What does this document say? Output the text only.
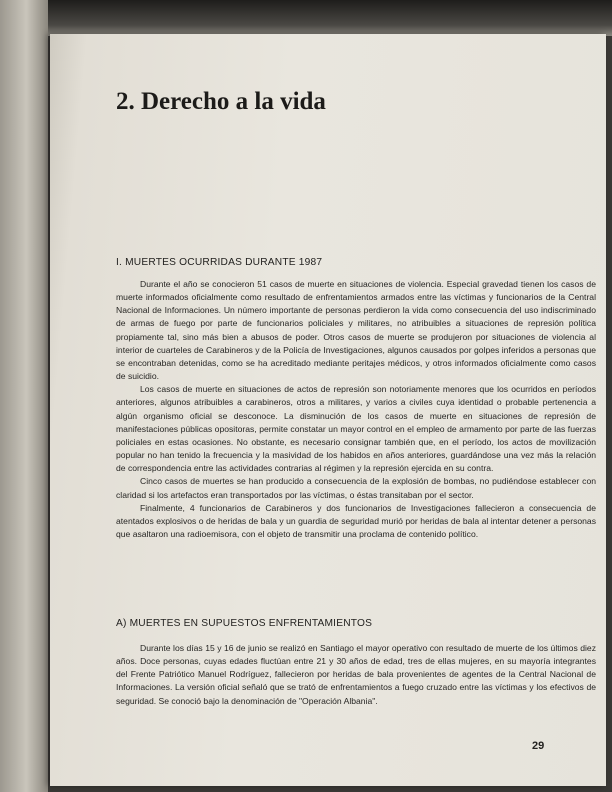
2. Derecho a la vida
I. MUERTES OCURRIDAS DURANTE 1987

Durante el año se conocieron 51 casos de muerte en situaciones de violencia. Especial gravedad tienen los casos de muerte informados oficialmente como resultado de enfrentamientos armados entre las víctimas y funcionarios de la Central Nacional de Informaciones. Un número importante de personas perdieron la vida como consecuencia del uso indiscriminado de armas de fuego por parte de funcionarios policiales y militares, no atribuibles a situaciones de represión política propiamente tal, sino más bien a abusos de poder. Otros casos de muerte se produjeron por situaciones de violencia al interior de cuarteles de Carabineros y de la Policía de Investigaciones, algunos causados por golpes inferidos a personas que se encontraban detenidas, como se ha acreditado mediante peritajes médicos, y otros informados oficialmente como casos de suicidio.

Los casos de muerte en situaciones de actos de represión son notoriamente menores que los ocurridos en períodos anteriores, algunos atribuibles a carabineros, otros a militares, y varios a civiles cuya identidad o probable pertenencia a algún organismo oficial se desconoce. La disminución de los casos de muerte en situaciones de represión de manifestaciones públicas opositoras, permite constatar un mayor control en el empleo de armamento por parte de las fuerzas policiales en estas ocasiones. No obstante, es necesario consignar también que, en el período, los actos de movilización popular no han tenido la frecuencia y la masividad de los habidos en años anteriores, guardándose una vez más la relación de correspondencia entre las actividades contrarias al régimen y la represión ejercida en su contra.

Cinco casos de muertes se han producido a consecuencia de la explosión de bombas, no pudiéndose establecer con claridad si los artefactos eran transportados por las víctimas, o éstas transitaban por el sector.

Finalmente, 4 funcionarios de Carabineros y dos funcionarios de Investigaciones fallecieron a consecuencia de atentados explosivos o de heridas de bala y un guardia de seguridad murió por heridas de bala al intentar detener a personas que asaltaron una radioemisora, con el objeto de transmitir una proclama de contenido político.

A) MUERTES EN SUPUESTOS ENFRENTAMIENTOS

Durante los días 15 y 16 de junio se realizó en Santiago el mayor operativo con resultado de muerte de los últimos diez años. Doce personas, cuyas edades fluctúan entre 21 y 30 años de edad, tres de ellas mujeres, en su mayoría integrantes del Frente Patriótico Manuel Rodríguez, fallecieron por heridas de bala provenientes de agentes de la Central Nacional de Informaciones. La versión oficial señaló que se trató de enfrentamientos a fuego cruzado entre las víctimas y los efectivos de seguridad. Se conoció bajo la denominación de "Operación Albania".

29
